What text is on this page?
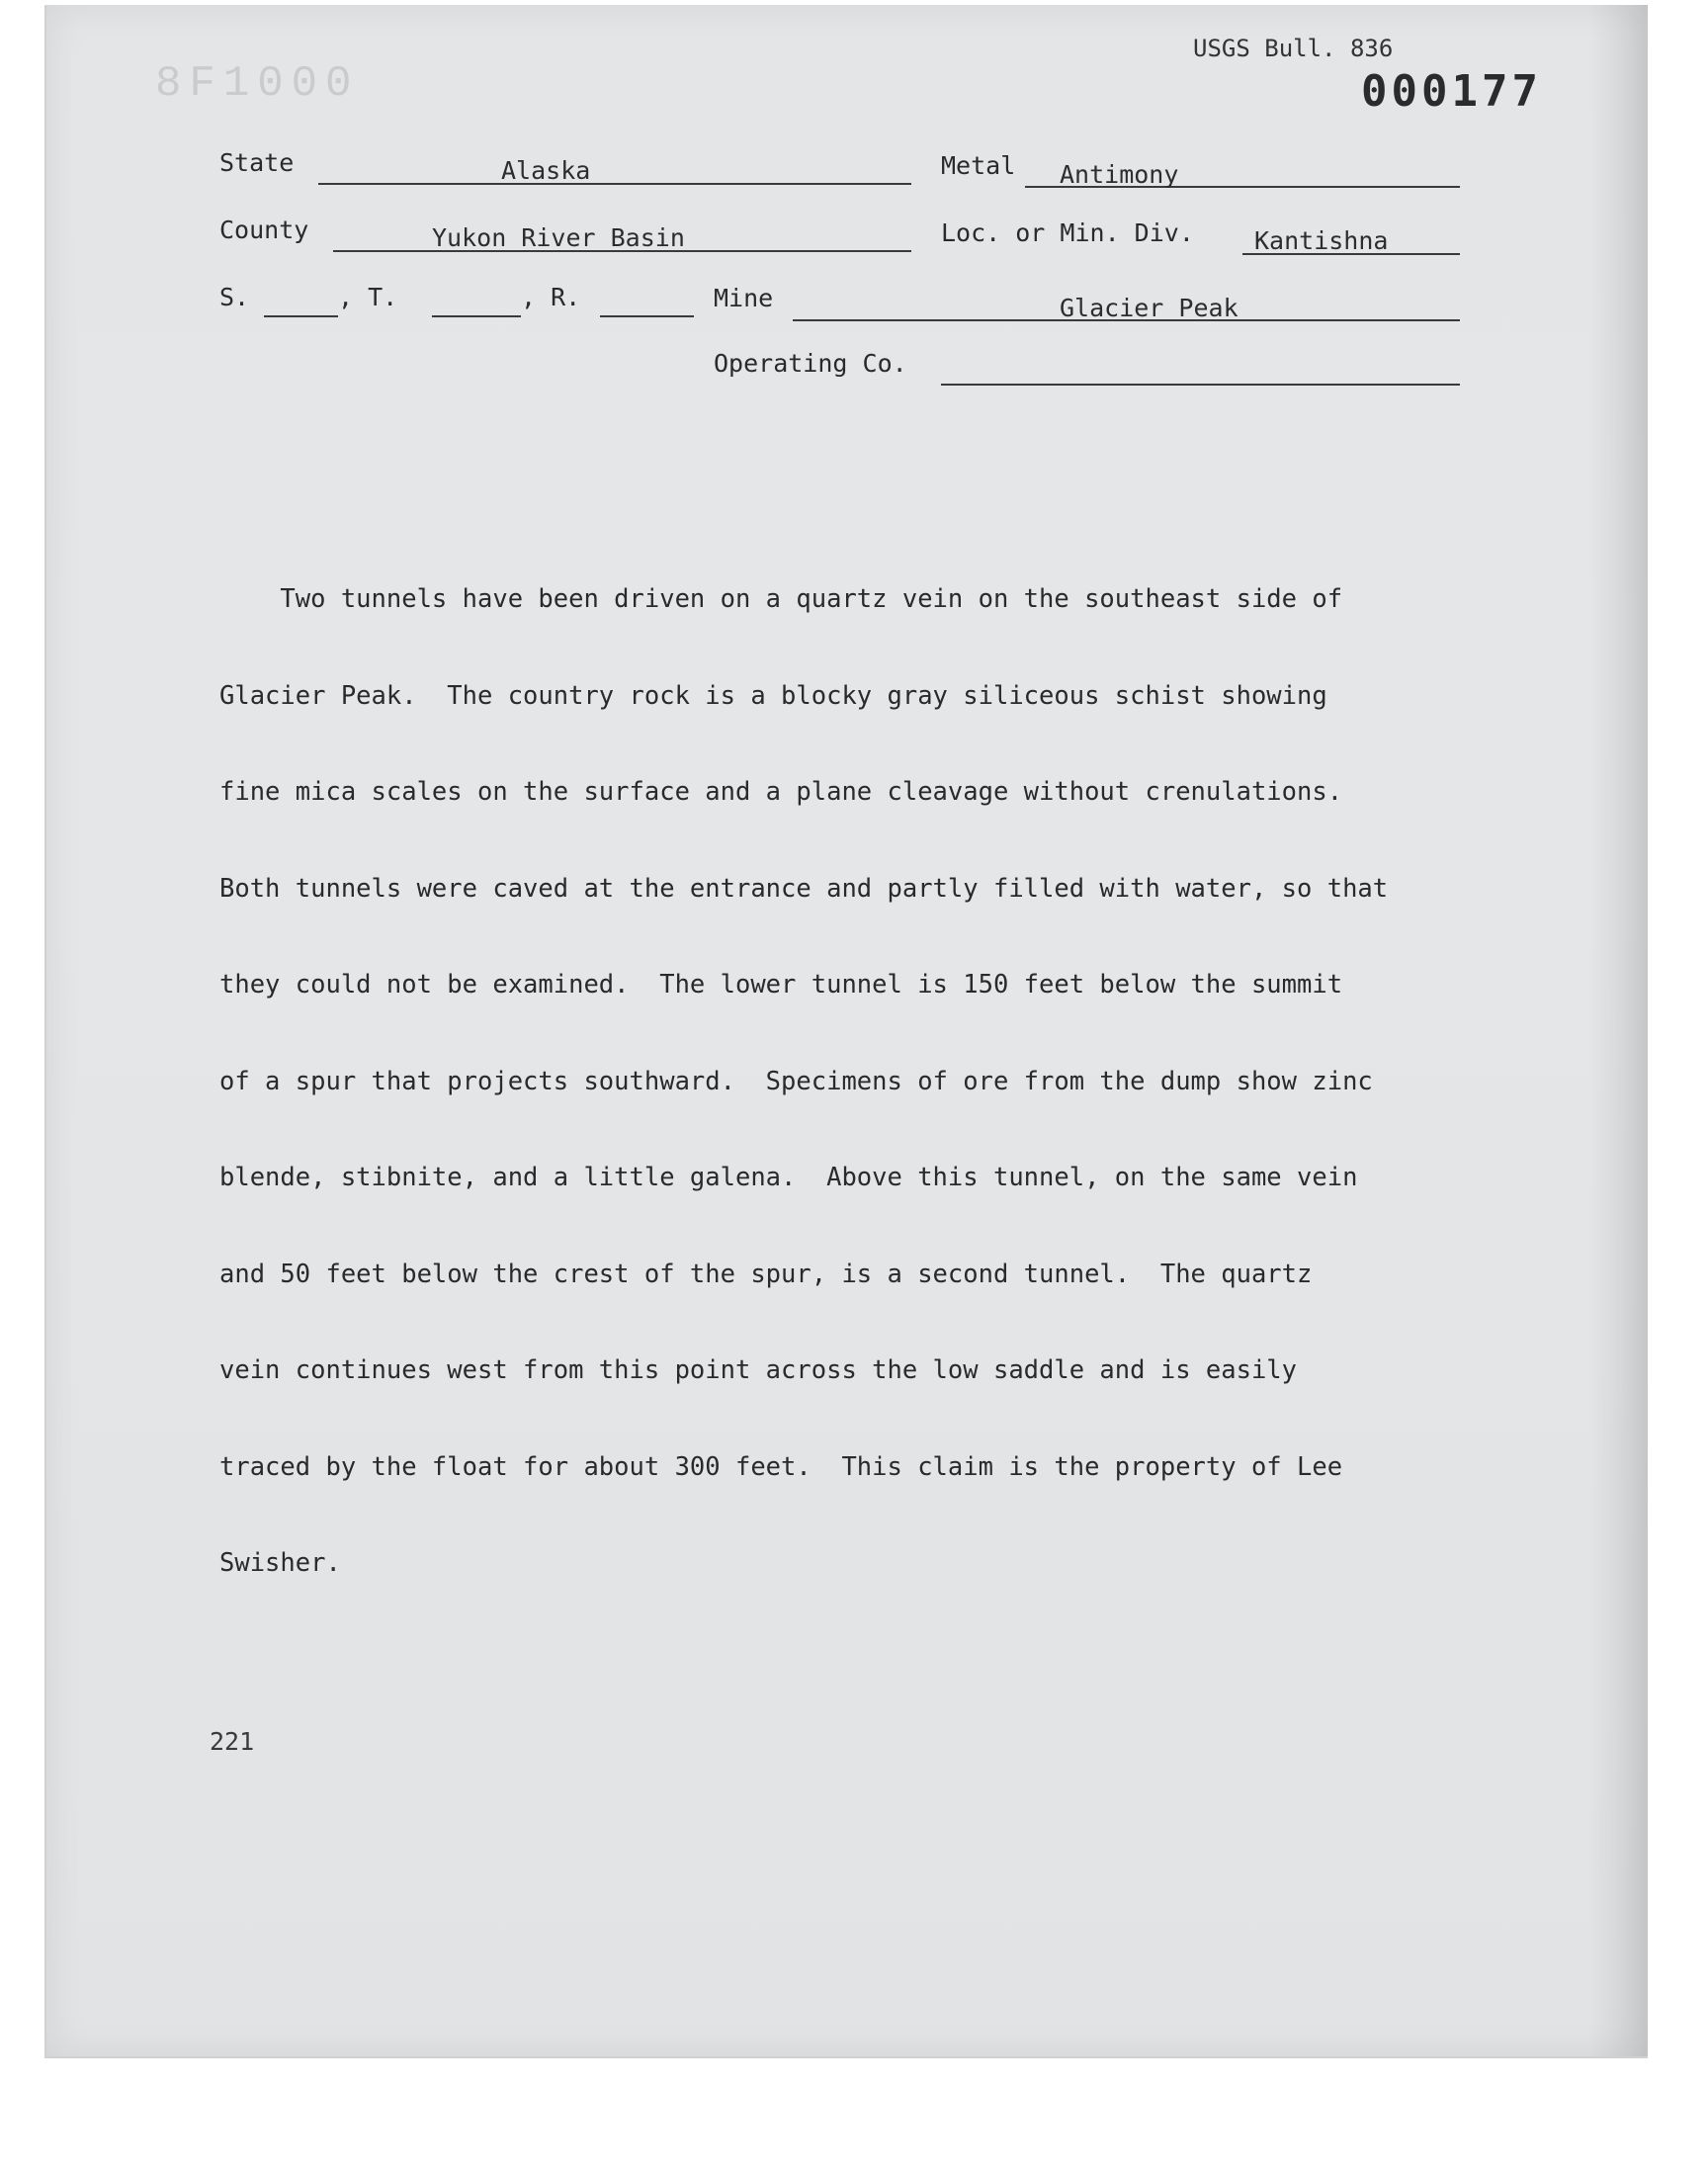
8F1000
USGS Bull. 836
000177
State	Alaska	Metal Antimony
County	Yukon River Basin	Loc. or Min. Div. Kantishna
S.	, T.	, R.	Mine	Glacier Peak
Operating Co.

Two tunnels have been driven on a quartz vein on the southeast side of

Glacier Peak.  The country rock is a blocky gray siliceous schist showing

fine mica scales on the surface and a plane cleavage without crenulations.

Both tunnels were caved at the entrance and partly filled with water, so that

they could not be examined.  The lower tunnel is 150 feet below the summit

of a spur that projects southward.  Specimens of ore from the dump show zinc

blende, stibnite, and a little galena.  Above this tunnel, on the same vein

and 50 feet below the crest of the spur, is a second tunnel.  The quartz

vein continues west from this point across the low saddle and is easily

traced by the float for about 300 feet.  This claim is the property of Lee

Swisher.

221
